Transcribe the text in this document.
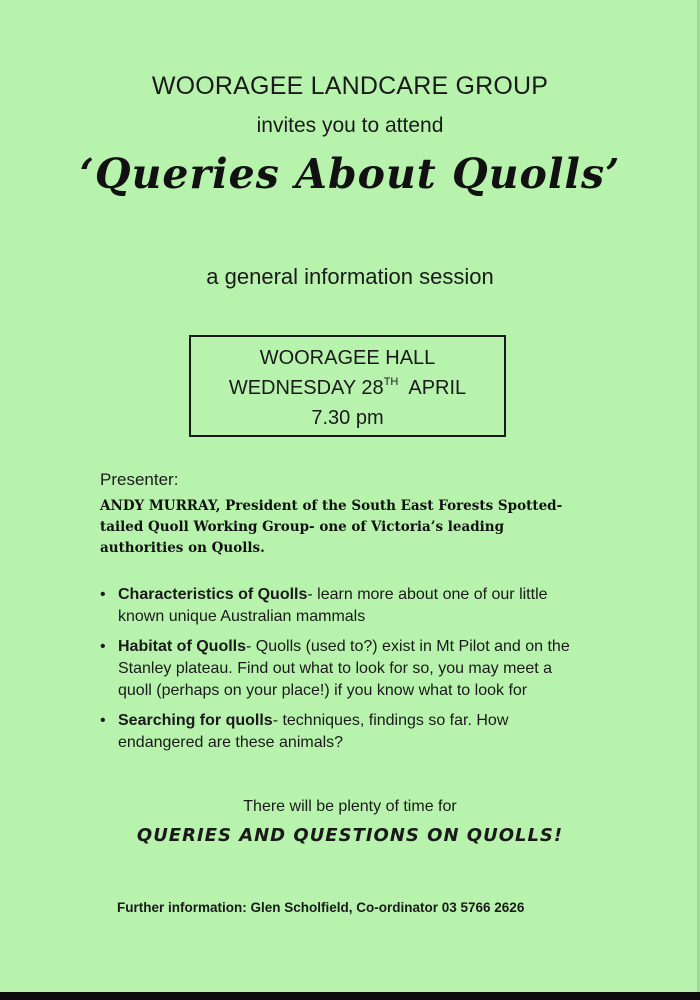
WOORAGEE LANDCARE GROUP
invites you to attend
‘Queries About Quolls’
a general information session
WOORAGEE HALL
WEDNESDAY 28TH APRIL
7.30 pm
Presenter:
ANDY MURRAY, President of the South East Forests Spotted-tailed Quoll Working Group- one of Victoria’s leading authorities on Quolls.
• Characteristics of Quolls- learn more about one of our little known unique Australian mammals
• Habitat of Quolls- Quolls (used to?) exist in Mt Pilot and on the Stanley plateau. Find out what to look for so, you may meet a quoll (perhaps on your place!) if you know what to look for
• Searching for quolls- techniques, findings so far. How endangered are these animals?
There will be plenty of time for
QUERIES AND QUESTIONS ON QUOLLS!
Further information: Glen Scholfield, Co-ordinator 03 5766 2626
